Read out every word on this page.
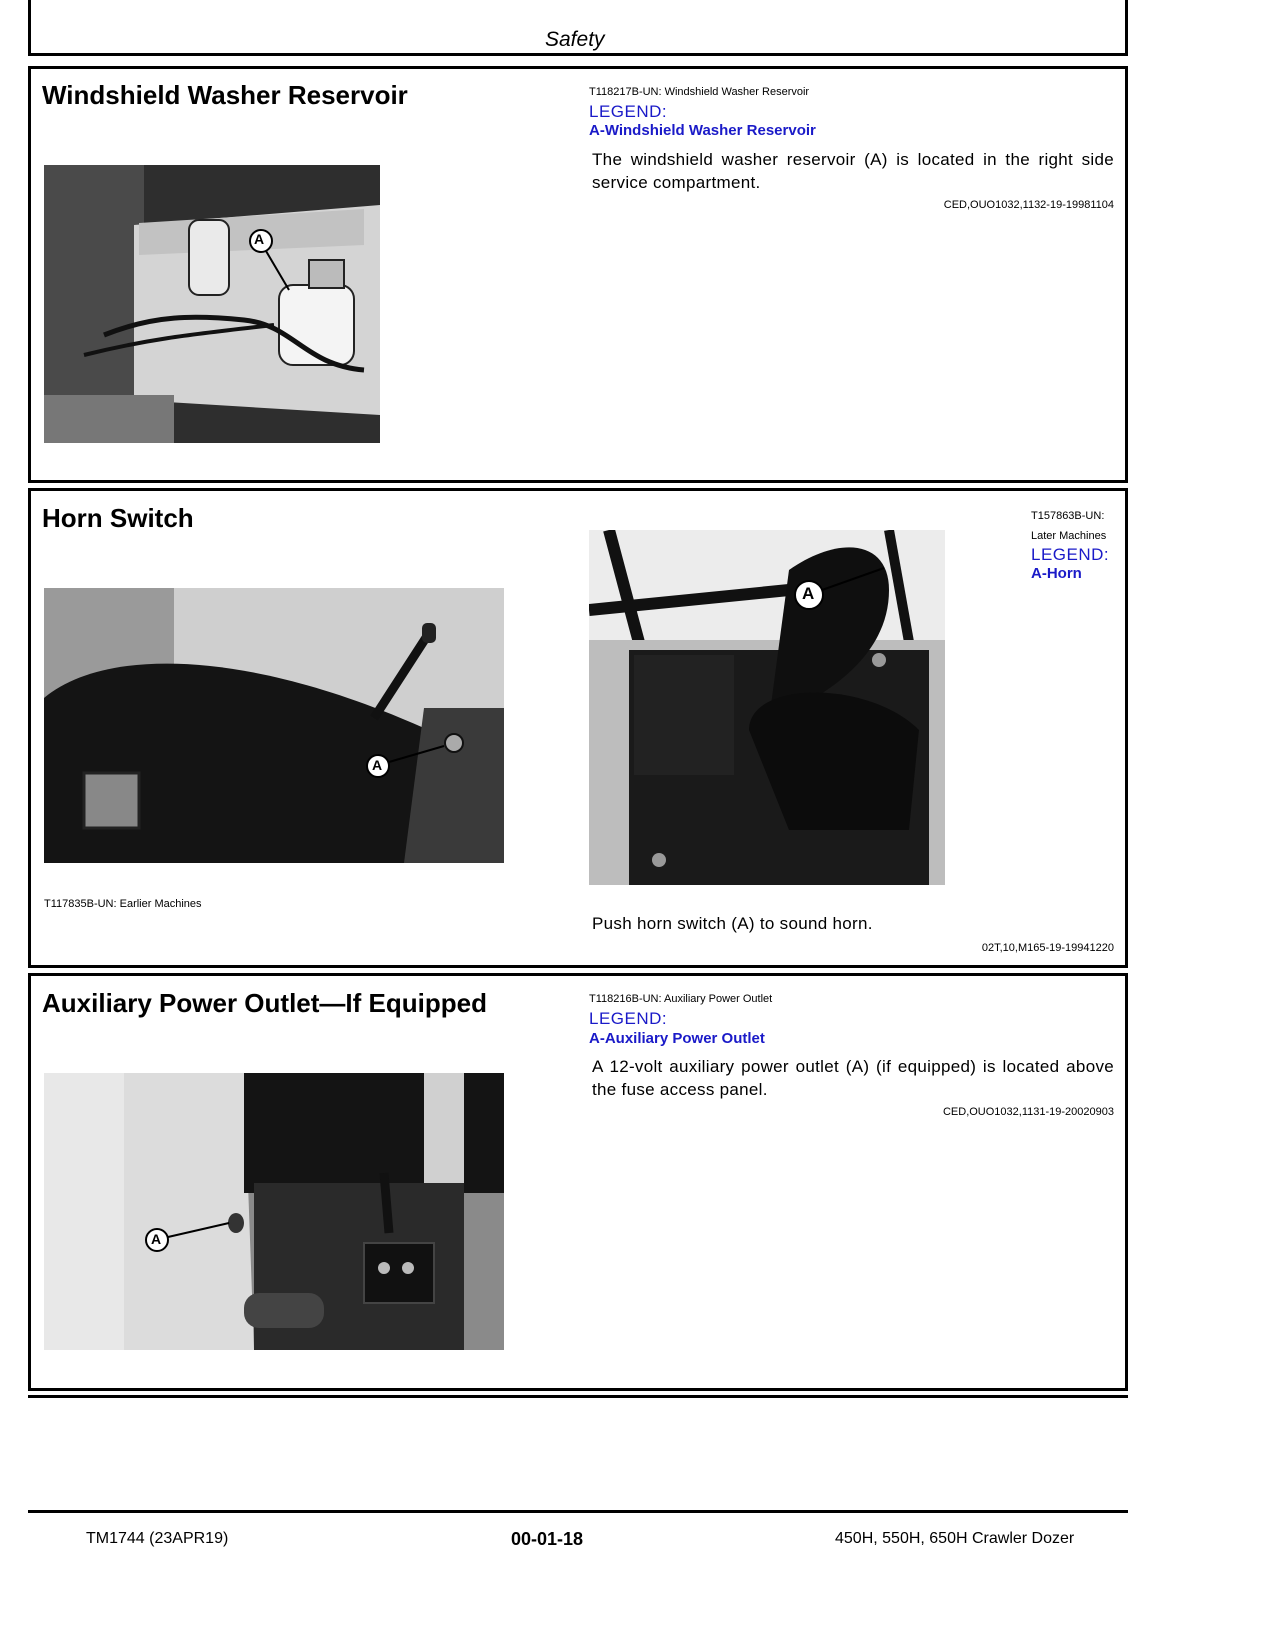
Safety
Windshield Washer Reservoir
A
T118217B-UN: Windshield Washer Reservoir
LEGEND:
A-Windshield Washer Reservoir
The windshield washer reservoir (A) is located in the right side service compartment.
CED,OUO1032,1132-19-19981104
Horn Switch
A
T117835B-UN: Earlier Machines
A
T157863B-UN:
Later Machines
LEGEND:
A-Horn
Push horn switch (A) to sound horn.
02T,10,M165-19-19941220
Auxiliary Power Outlet—If Equipped
A
T118216B-UN: Auxiliary Power Outlet
LEGEND:
A-Auxiliary Power Outlet
A 12-volt auxiliary power outlet (A) (if equipped) is located above the fuse access panel.
CED,OUO1032,1131-19-20020903
TM1744 (23APR19)	00-01-18	450H, 550H, 650H Crawler Dozer
